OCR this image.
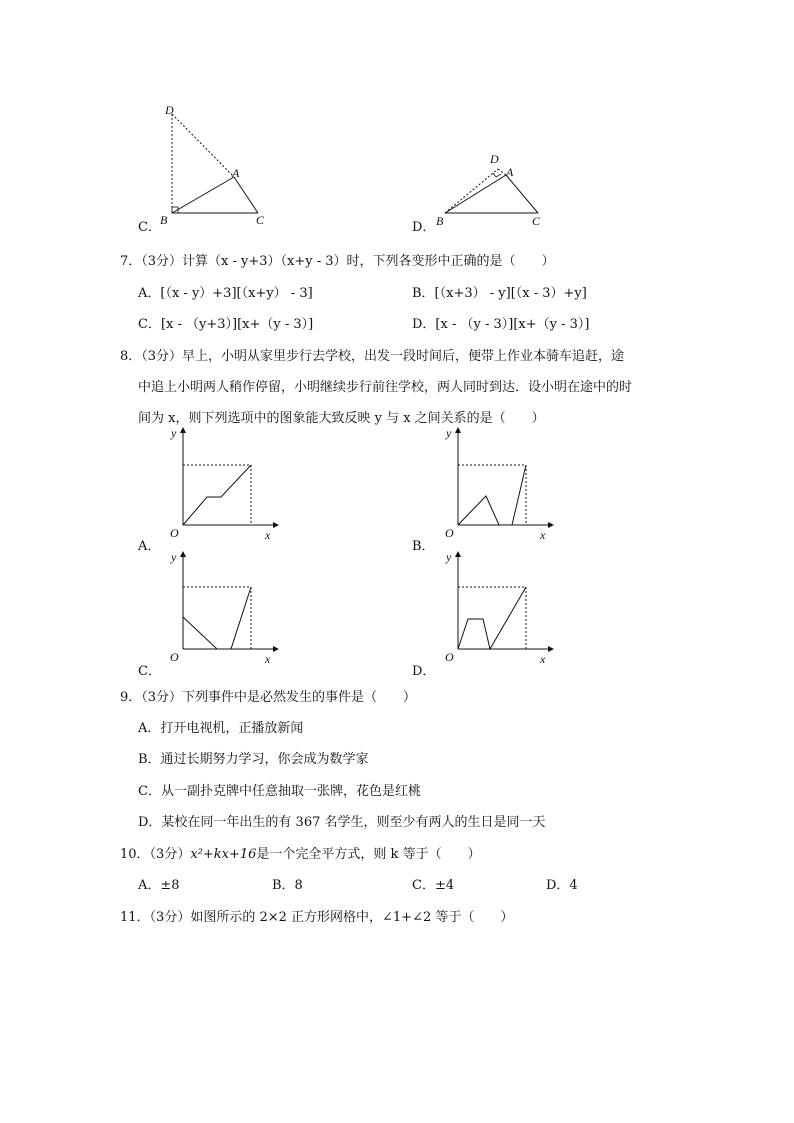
D
A
B	C
C．
D
A
B	C
D．
7．（3分）计算（x - y+3）（x+y - 3）时，下列各变形中正确的是（　　）
A．[（x - y）+3][（x+y） - 3]	B．[（x+3） - y][（x - 3）+y]
C．[x - （y+3）][x+（y - 3）]	D．[x - （y - 3）][x+（y - 3）]
8．（3分）早上，小明从家里步行去学校，出发一段时间后，便带上作业本骑车追赶，途
中追上小明两人稍作停留，小明继续步行前往学校，两人同时到达．设小明在途中的时
间为 x，则下列选项中的图象能大致反映 y 与 x 之间关系的是（　　）
y
x
O
A．
y
x
O
B．
y
x
O
C．
y
x
O
D．
9．（3分）下列事件中是必然发生的事件是（　　）
A．打开电视机，正播放新闻
B．通过长期努力学习，你会成为数学家
C．从一副扑克牌中任意抽取一张牌，花色是红桃
D．某校在同一年出生的有 367 名学生，则至少有两人的生日是同一天
10．（3分）x²+kx+16是一个完全平方式，则 k 等于（　　）
A．±8	B．8	C．±4	D．4
11．（3分）如图所示的 2×2 正方形网格中，∠1+∠2 等于（　　）
